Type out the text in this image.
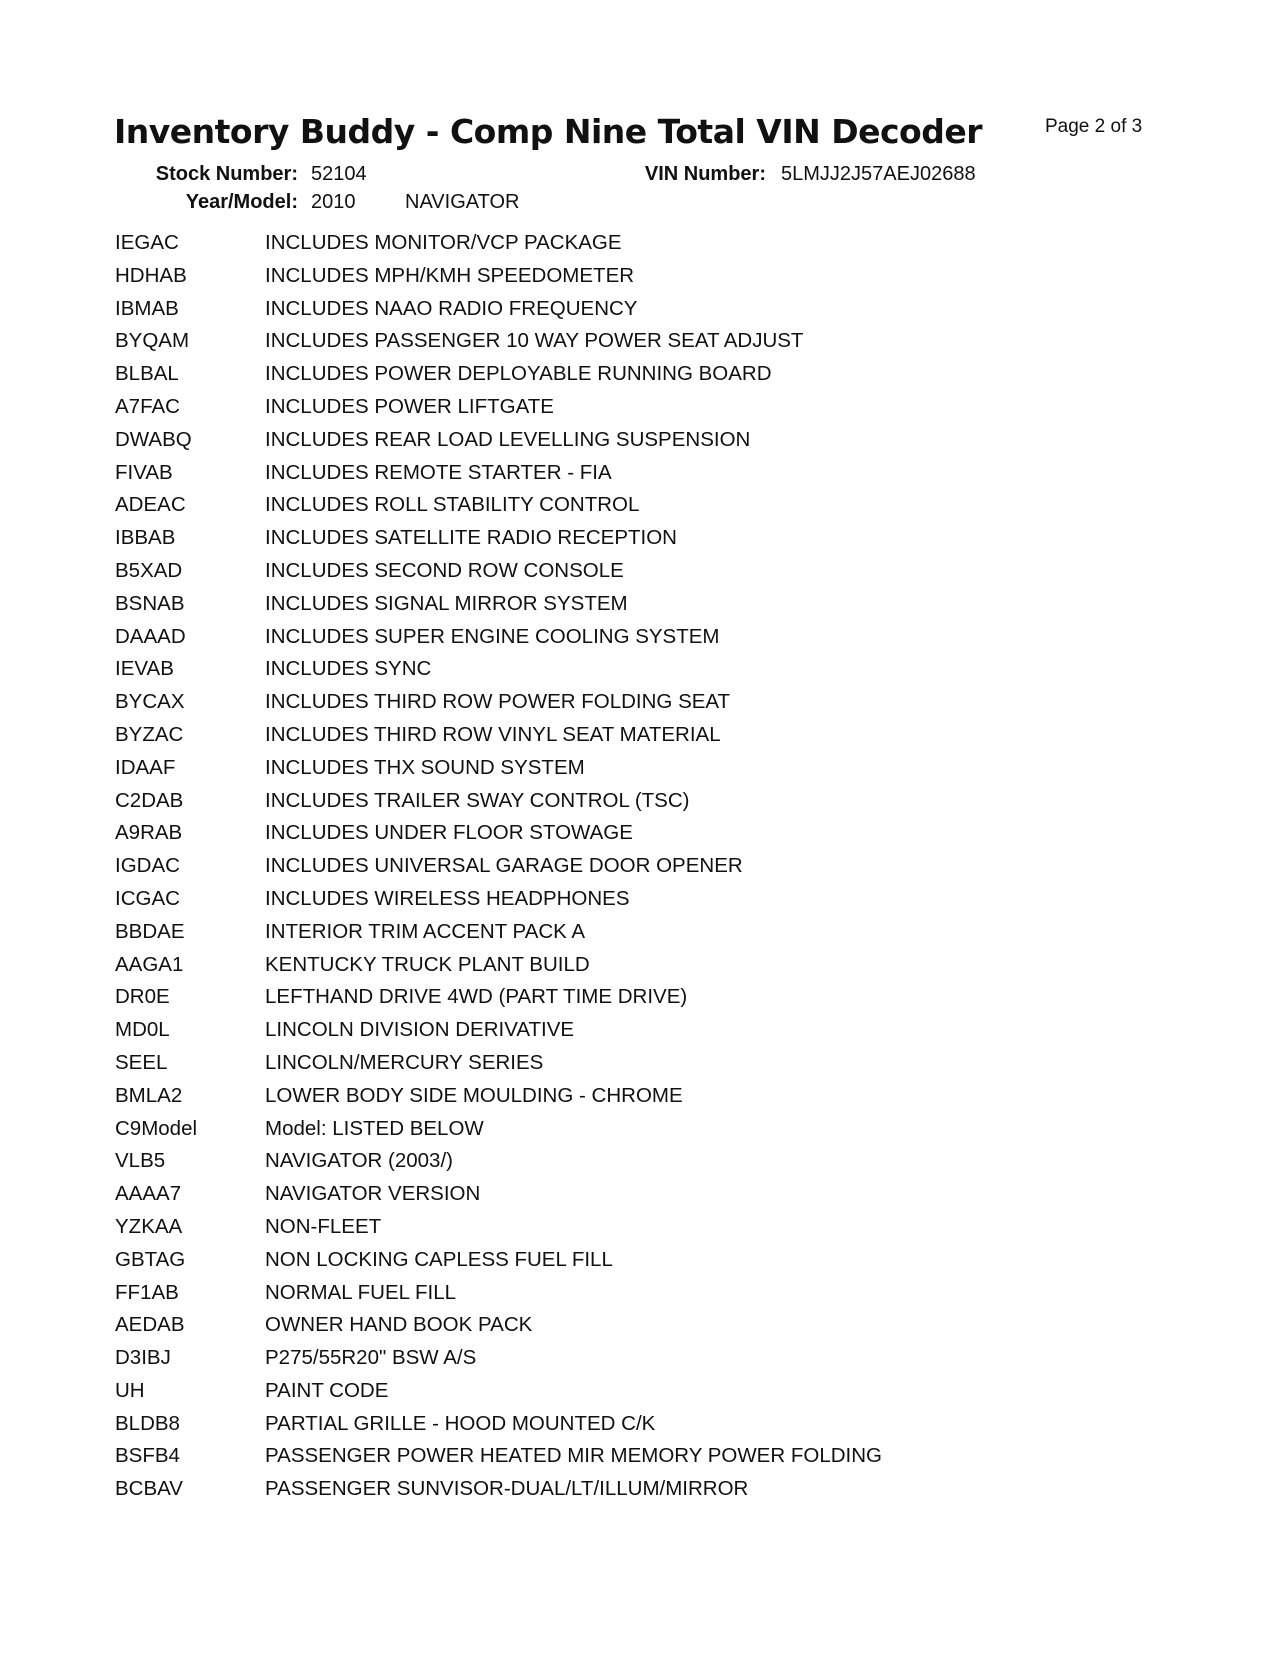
Inventory Buddy - Comp Nine Total VIN Decoder	Page 2 of 3
Stock Number: 52104	VIN Number: 5LMJJ2J57AEJ02688
Year/Model: 2010 NAVIGATOR
IEGAC	INCLUDES MONITOR/VCP PACKAGE
HDHAB	INCLUDES MPH/KMH SPEEDOMETER
IBMAB	INCLUDES NAAO RADIO FREQUENCY
BYQAM	INCLUDES PASSENGER 10 WAY POWER SEAT ADJUST
BLBAL	INCLUDES POWER DEPLOYABLE RUNNING BOARD
A7FAC	INCLUDES POWER LIFTGATE
DWABQ	INCLUDES REAR LOAD LEVELLING SUSPENSION
FIVAB	INCLUDES REMOTE STARTER - FIA
ADEAC	INCLUDES ROLL STABILITY CONTROL
IBBAB	INCLUDES SATELLITE RADIO RECEPTION
B5XAD	INCLUDES SECOND ROW CONSOLE
BSNAB	INCLUDES SIGNAL MIRROR SYSTEM
DAAAD	INCLUDES SUPER ENGINE COOLING SYSTEM
IEVAB	INCLUDES SYNC
BYCAX	INCLUDES THIRD ROW POWER FOLDING SEAT
BYZAC	INCLUDES THIRD ROW VINYL SEAT MATERIAL
IDAAF	INCLUDES THX SOUND SYSTEM
C2DAB	INCLUDES TRAILER SWAY CONTROL (TSC)
A9RAB	INCLUDES UNDER FLOOR STOWAGE
IGDAC	INCLUDES UNIVERSAL GARAGE DOOR OPENER
ICGAC	INCLUDES WIRELESS HEADPHONES
BBDAE	INTERIOR TRIM ACCENT PACK A
AAGA1	KENTUCKY TRUCK PLANT BUILD
DR0E	LEFTHAND DRIVE 4WD (PART TIME DRIVE)
MD0L	LINCOLN DIVISION DERIVATIVE
SEEL	LINCOLN/MERCURY SERIES
BMLA2	LOWER BODY SIDE MOULDING - CHROME
C9Model	Model: LISTED BELOW
VLB5	NAVIGATOR (2003/)
AAAA7	NAVIGATOR VERSION
YZKAA	NON-FLEET
GBTAG	NON LOCKING CAPLESS FUEL FILL
FF1AB	NORMAL FUEL FILL
AEDAB	OWNER HAND BOOK PACK
D3IBJ	P275/55R20" BSW A/S
UH	PAINT CODE
BLDB8	PARTIAL GRILLE - HOOD MOUNTED C/K
BSFB4	PASSENGER POWER HEATED MIR MEMORY POWER FOLDING
BCBAV	PASSENGER SUNVISOR-DUAL/LT/ILLUM/MIRROR
